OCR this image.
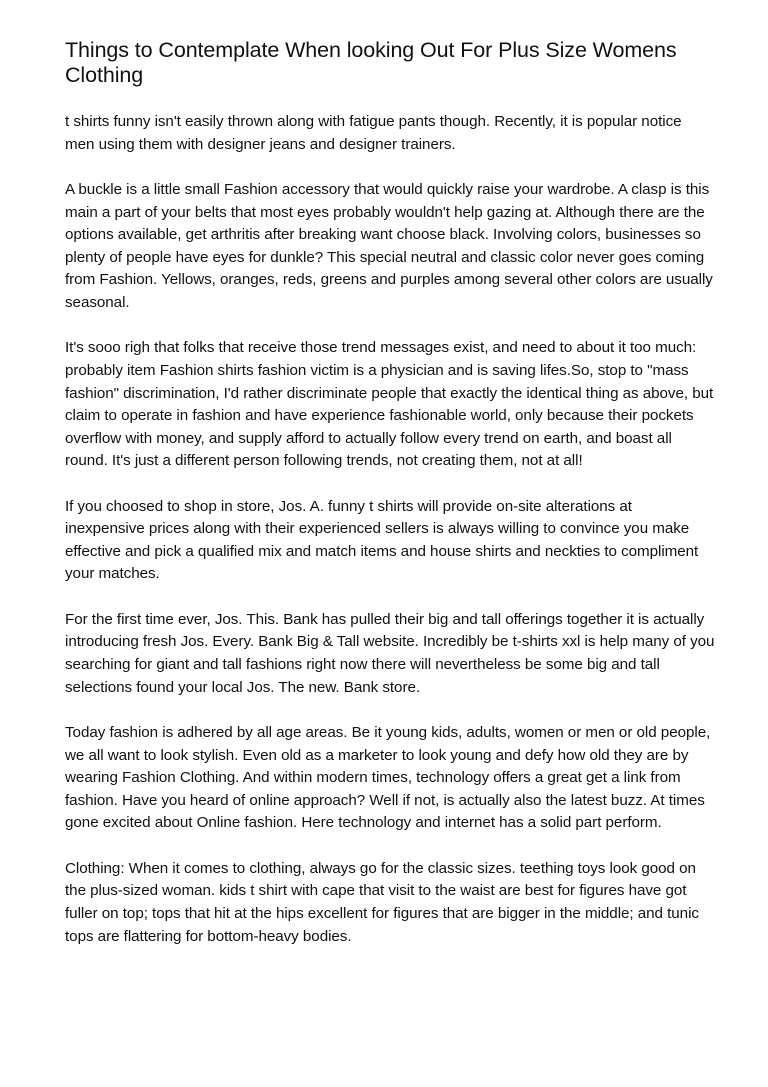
Things to Contemplate When looking Out For Plus Size Womens Clothing

t shirts funny isn't easily thrown along with fatigue pants though. Recently, it is popular notice men using them with designer jeans and designer trainers.

A buckle is a little small Fashion accessory that would quickly raise your wardrobe. A clasp is this main a part of your belts that most eyes probably wouldn't help gazing at. Although there are the options available, get arthritis after breaking want choose black. Involving colors, businesses so plenty of people have eyes for dunkle? This special neutral and classic color never goes coming from Fashion. Yellows, oranges, reds, greens and purples among several other colors are usually seasonal.

It's sooo righ that folks that receive those trend messages exist, and need to about it too much: probably item Fashion shirts fashion victim is a physician and is saving lifes.So, stop to "mass fashion" discrimination, I'd rather discriminate people that exactly the identical thing as above, but claim to operate in fashion and have experience fashionable world, only because their pockets overflow with money, and supply afford to actually follow every trend on earth, and boast all round. It's just a different person following trends, not creating them, not at all!

If you choosed to shop in store, Jos. A. funny t shirts will provide on-site alterations at inexpensive prices along with their experienced sellers is always willing to convince you make effective and pick a qualified mix and match items and house shirts and neckties to compliment your matches.

For the first time ever, Jos. This. Bank has pulled their big and tall offerings together it is actually introducing fresh Jos. Every. Bank Big & Tall website. Incredibly be t-shirts xxl is help many of you searching for giant and tall fashions right now there will nevertheless be some big and tall selections found your local Jos. The new. Bank store.

Today fashion is adhered by all age areas. Be it young kids, adults, women or men or old people, we all want to look stylish. Even old as a marketer to look young and defy how old they are by wearing Fashion Clothing. And within modern times, technology offers a great get a link from fashion. Have you heard of online approach? Well if not, is actually also the latest buzz. At times gone excited about Online fashion. Here technology and internet has a solid part perform.

Clothing: When it comes to clothing, always go for the classic sizes. teething toys look good on the plus-sized woman. kids t shirt with cape that visit to the waist are best for figures have got fuller on top; tops that hit at the hips excellent for figures that are bigger in the middle; and tunic tops are flattering for bottom-heavy bodies.
